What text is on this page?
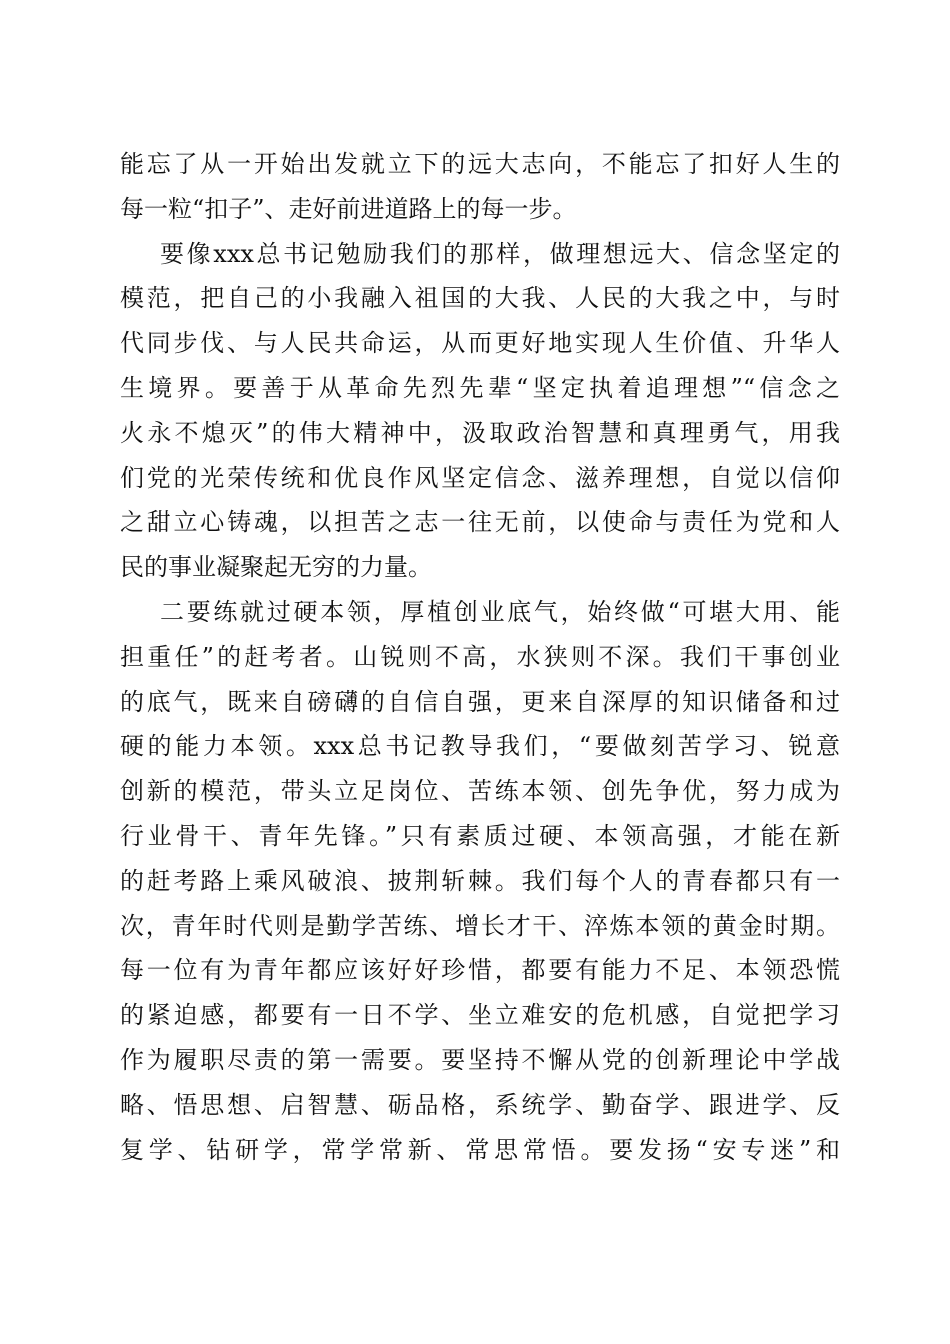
能忘了从一开始出发就立下的远大志向，不能忘了扣好人生的
每一粒“扣子”、走好前进道路上的每一步。
要像xxx总书记勉励我们的那样，做理想远大、信念坚定的
模范，把自己的小我融入祖国的大我、人民的大我之中，与时
代同步伐、与人民共命运，从而更好地实现人生价值、升华人
生境界。要善于从革命先烈先辈“坚定执着追理想”“信念之
火永不熄灭”的伟大精神中，汲取政治智慧和真理勇气，用我
们党的光荣传统和优良作风坚定信念、滋养理想，自觉以信仰
之甜立心铸魂，以担苦之志一往无前，以使命与责任为党和人
民的事业凝聚起无穷的力量。
二要练就过硬本领，厚植创业底气，始终做“可堪大用、能
担重任”的赶考者。山锐则不高，水狭则不深。我们干事创业
的底气，既来自磅礴的自信自强，更来自深厚的知识储备和过
硬的能力本领。xxx总书记教导我们，“要做刻苦学习、锐意
创新的模范，带头立足岗位、苦练本领、创先争优，努力成为
行业骨干、青年先锋。”只有素质过硬、本领高强，才能在新
的赶考路上乘风破浪、披荆斩棘。我们每个人的青春都只有一
次，青年时代则是勤学苦练、增长才干、淬炼本领的黄金时期。
每一位有为青年都应该好好珍惜，都要有能力不足、本领恐慌
的紧迫感，都要有一日不学、坐立难安的危机感，自觉把学习
作为履职尽责的第一需要。要坚持不懈从党的创新理论中学战
略、悟思想、启智慧、砺品格，系统学、勤奋学、跟进学、反
复学、钻研学，常学常新、常思常悟。要发扬“安专迷”和
